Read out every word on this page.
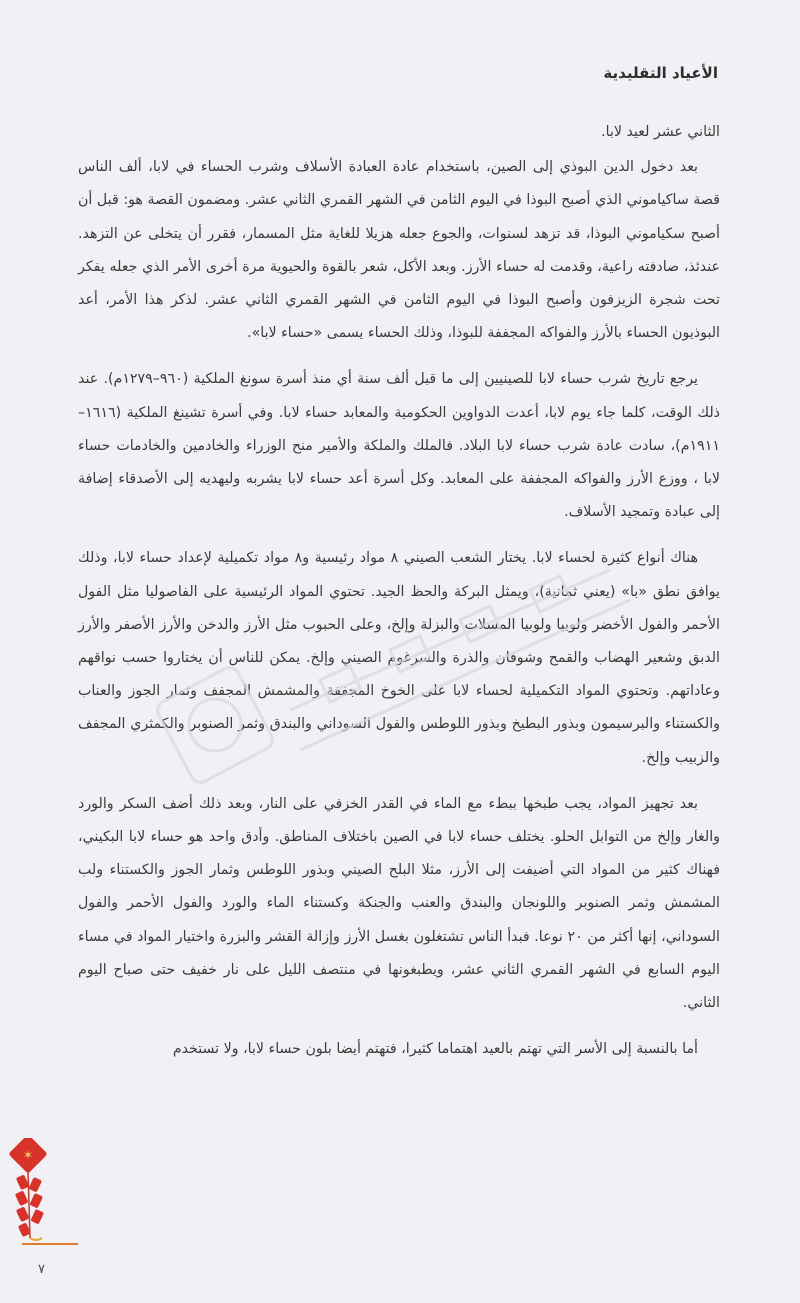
الأعياد التقليدية

الثاني عشر لعيد لابا.

بعد دخول الدين البوذي إلى الصين، باستخدام عادة العبادة الأسلاف وشرب الحساء في لابا، ألف الناس قصة ساكياموني الذي أصبح البوذا في اليوم الثامن في الشهر القمري الثاني عشر. ومضمون القصة هو: قبل أن أصبح سكياموني البوذا، قد تزهد لسنوات، والجوع جعله هزيلا للغاية مثل المسمار، فقرر أن يتخلى عن التزهد. عندئذ، صادفته راعية، وقدمت له حساء الأرز. وبعد الأكل، شعر بالقوة والحيوية مرة أخرى الأمر الذي جعله يفكر تحت شجرة الزيزفون وأصبح البوذا في اليوم الثامن في الشهر القمري الثاني عشر. لذكر هذا الأمر، أعد البوذيون الحساء بالأرز والفواكه المجففة للبوذا، وذلك الحساء يسمى «حساء لابا».

يرجع تاريخ شرب حساء لابا للصينيين إلى ما قبل ألف سنة أي منذ أسرة سونغ الملكية (٩٦٠–١٢٧٩م). عند ذلك الوقت، كلما جاء يوم لابا، أعدت الدواوين الحكومية والمعابد حساء لابا. وفي أسرة تشينغ الملكية (١٦١٦–١٩١١م)، سادت عادة شرب حساء لابا البلاد. فالملك والملكة والأمير منح الوزراء والخادمين والخادمات حساء لابا ، ووزع الأرز والفواكه المجففة على المعابد. وكل أسرة أعد حساء لابا يشربه وليهديه إلى الأصدقاء إضافة إلى عبادة وتمجيد الأسلاف.

هناك أنواع كثيرة لحساء لابا. يختار الشعب الصيني ٨ مواد رئيسية و٨ مواد تكميلية لإعداد حساء لابا، وذلك يوافق نطق «با» (يعني ثمانية)، ويمثل البركة والحظ الجيد. تحتوي المواد الرئيسية على الفاصوليا مثل الفول الأحمر والفول الأخضر ولوبيا ولوبيا المسلات والبزلة وإلخ، وعلى الحبوب مثل الأرز والدخن والأرز الأصفر والأرز الدبق وشعير الهضاب والقمح وشوفان والذرة والسرغوم الصيني وإلخ. يمكن للناس أن يختاروا حسب نواقهم وعاداتهم. وتحتوي المواد التكميلية لحساء لابا على الخوخ المجففة والمشمش المجفف وثمار الجوز والعناب والكستناء والبرسيمون وبذور البطيخ وبذور اللوطس والفول السوداني والبندق وثمر الصنوبر والكمثري المجفف والزبيب وإلخ.

بعد تجهيز المواد، يجب طبخها ببطء مع الماء في القدر الخزفي على النار، وبعد ذلك أضف السكر والورد والغار وإلخ من التوابل الحلو. يختلف حساء لابا في الصين باختلاف المناطق. وأدق واحد هو حساء لابا البكيني، فهناك كثير من المواد التي أضيفت إلى الأرز، مثلا البلح الصيني وبذور اللوطس وثمار الجوز والكستناء ولب المشمش وثمر الصنوبر واللونجان والبندق والعنب والجنكة وكستناء الماء والورد والفول الأحمر والفول السوداني، إنها أكثر من ٢٠ نوعا. فبدأ الناس تشتغلون بغسل الأرز وإزالة القشر والبزرة واختيار المواد في مساء اليوم السابع في الشهر القمري الثاني عشر، ويطبغونها في منتصف الليل على نار خفيف حتى صباح اليوم الثاني.

أما بالنسبة إلى الأسر التي تهتم بالعيد اهتماما كثيرا، فتهتم أيضا بلون حساء لابا، ولا تستخدم

✶
٧
